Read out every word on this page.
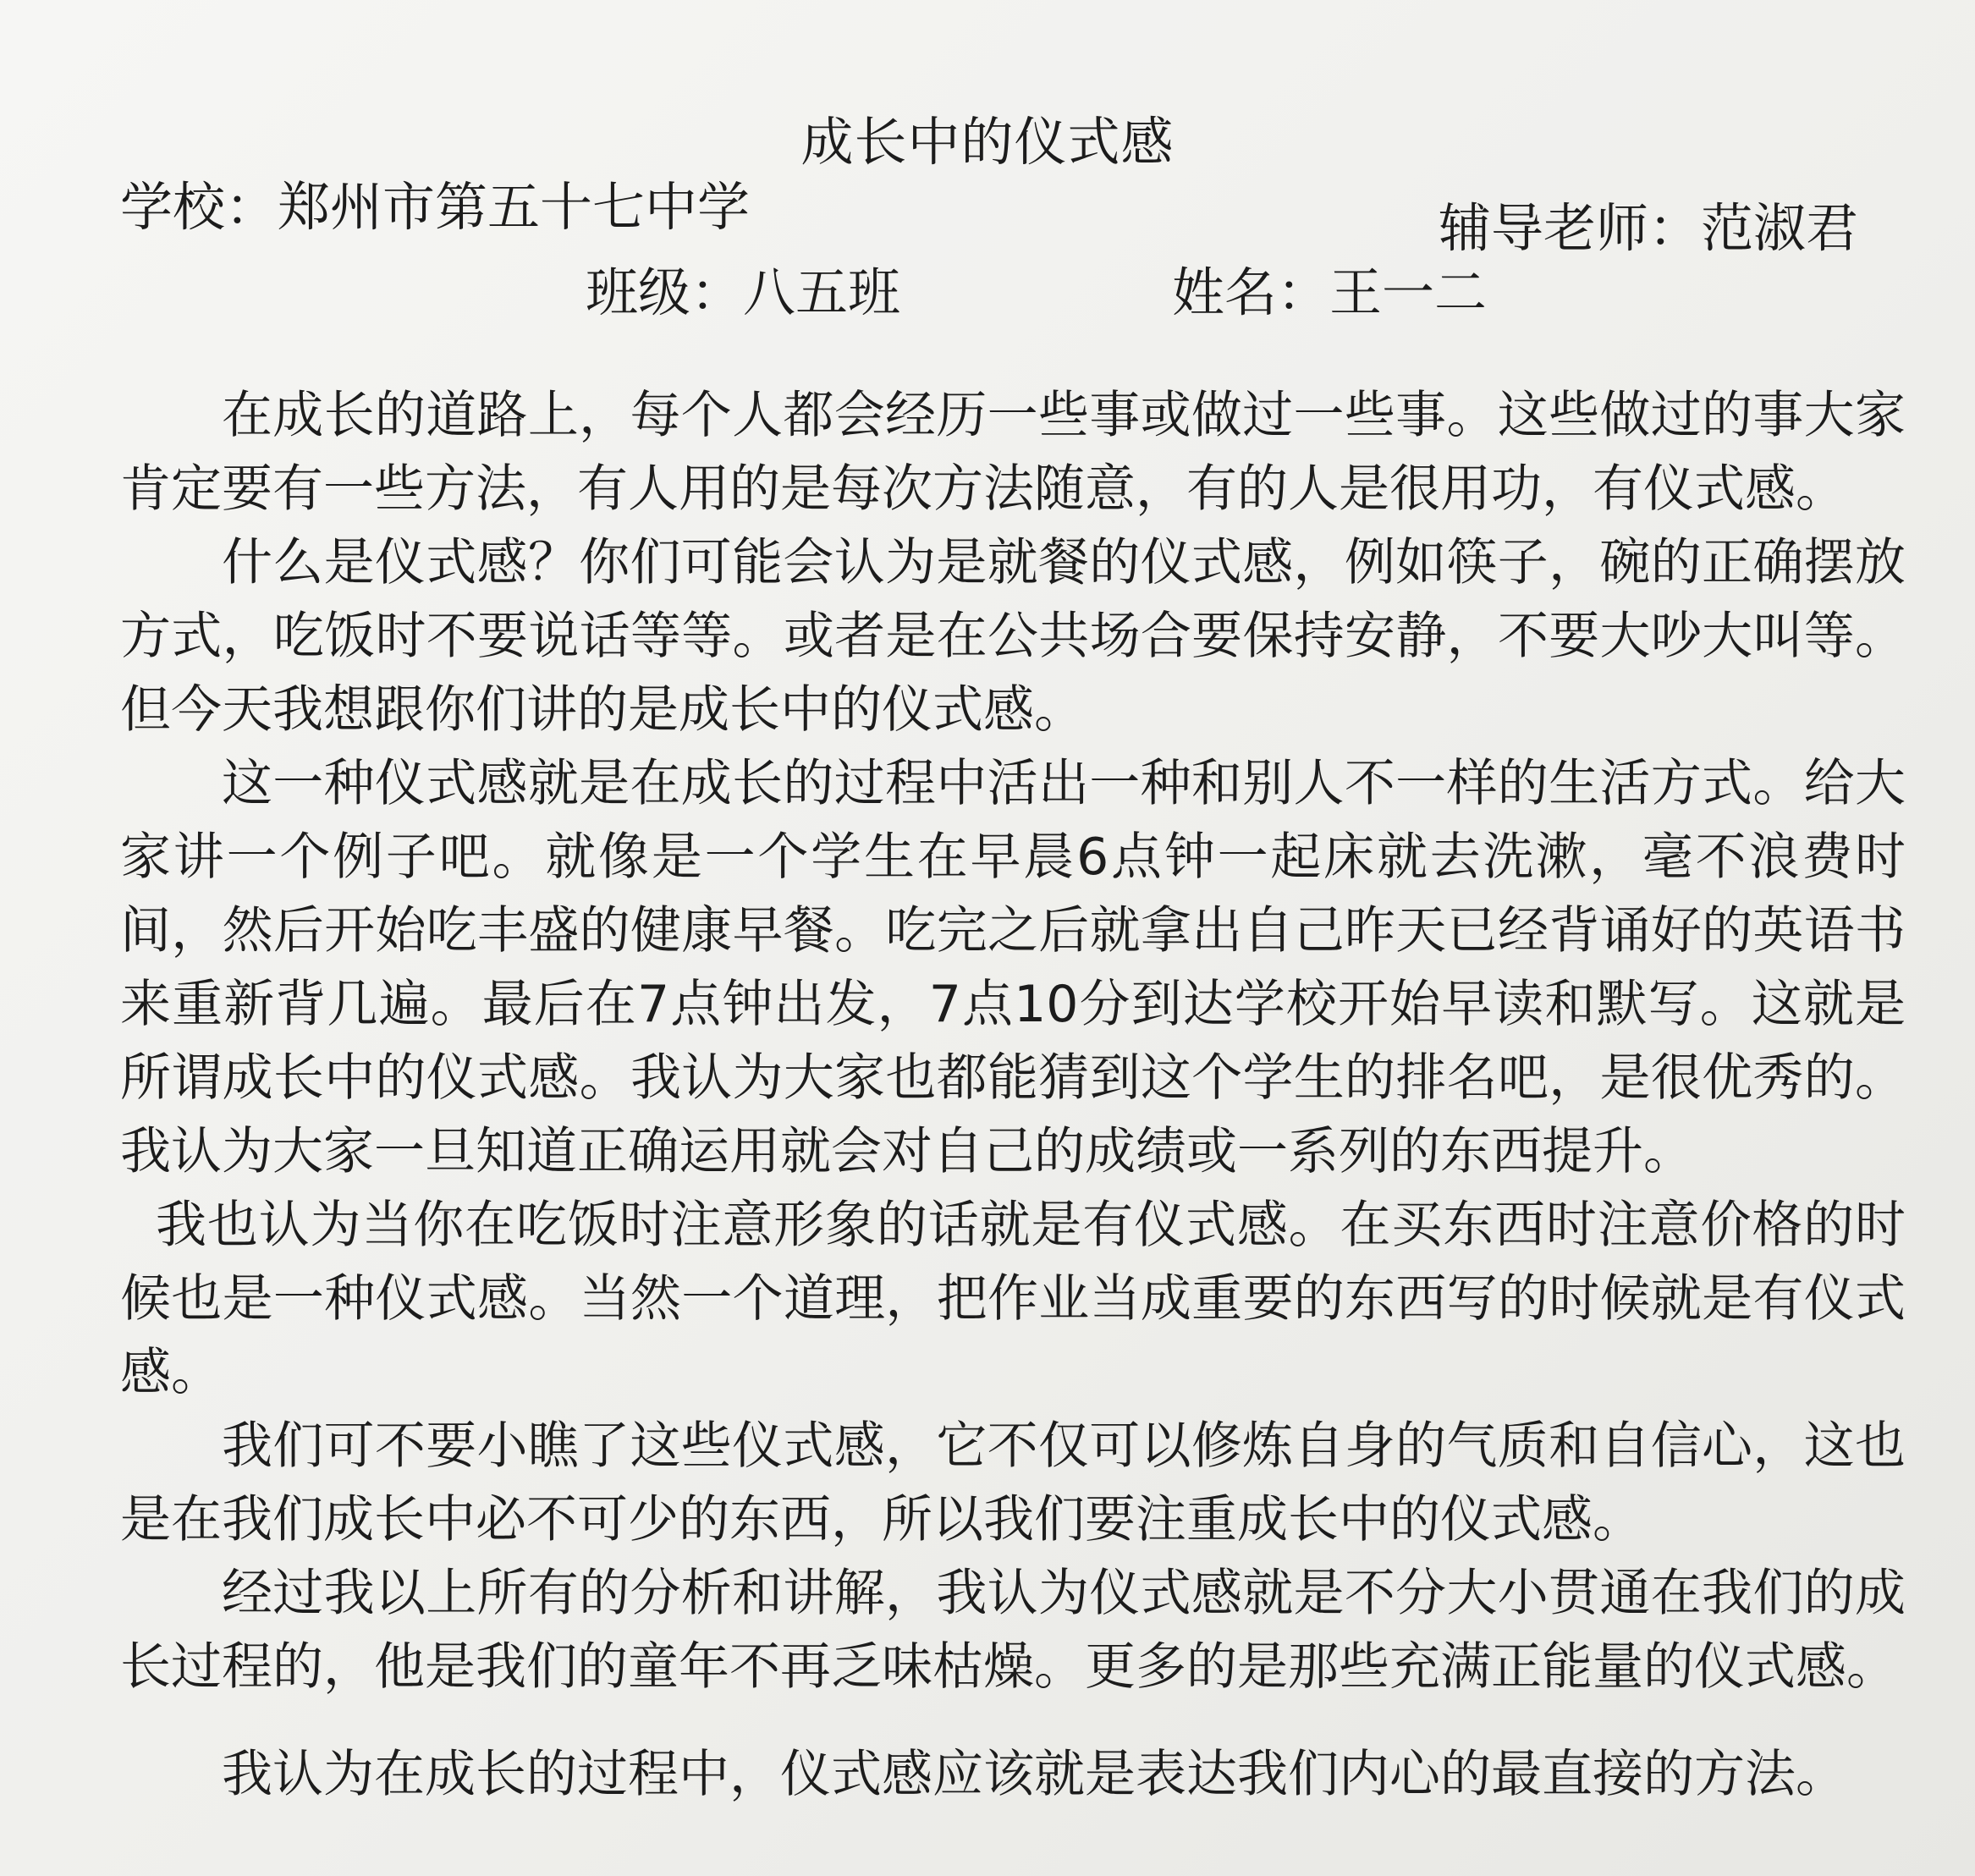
成长中的仪式感
学校：郑州市第五十七中学	辅导老师：范淑君
班级：八五班	姓名：王一二

在成长的道路上，每个人都会经历一些事或做过一些事。这些做过的事大家肯定要有一些方法，有人用的是每次方法随意，有的人是很用功，有仪式感。

什么是仪式感？你们可能会认为是就餐的仪式感，例如筷子，碗的正确摆放方式，吃饭时不要说话等等。或者是在公共场合要保持安静，不要大吵大叫等。但今天我想跟你们讲的是成长中的仪式感。

这一种仪式感就是在成长的过程中活出一种和别人不一样的生活方式。给大家讲一个例子吧。就像是一个学生在早晨6点钟一起床就去洗漱，毫不浪费时间，然后开始吃丰盛的健康早餐。吃完之后就拿出自己昨天已经背诵好的英语书来重新背几遍。最后在7点钟出发，7点10分到达学校开始早读和默写。这就是所谓成长中的仪式感。我认为大家也都能猜到这个学生的排名吧，是很优秀的。我认为大家一旦知道正确运用就会对自己的成绩或一系列的东西提升。

我也认为当你在吃饭时注意形象的话就是有仪式感。在买东西时注意价格的时候也是一种仪式感。当然一个道理，把作业当成重要的东西写的时候就是有仪式感。

我们可不要小瞧了这些仪式感，它不仅可以修炼自身的气质和自信心，这也是在我们成长中必不可少的东西，所以我们要注重成长中的仪式感。

经过我以上所有的分析和讲解，我认为仪式感就是不分大小贯通在我们的成长过程的，他是我们的童年不再乏味枯燥。更多的是那些充满正能量的仪式感。

我认为在成长的过程中，仪式感应该就是表达我们内心的最直接的方法。
